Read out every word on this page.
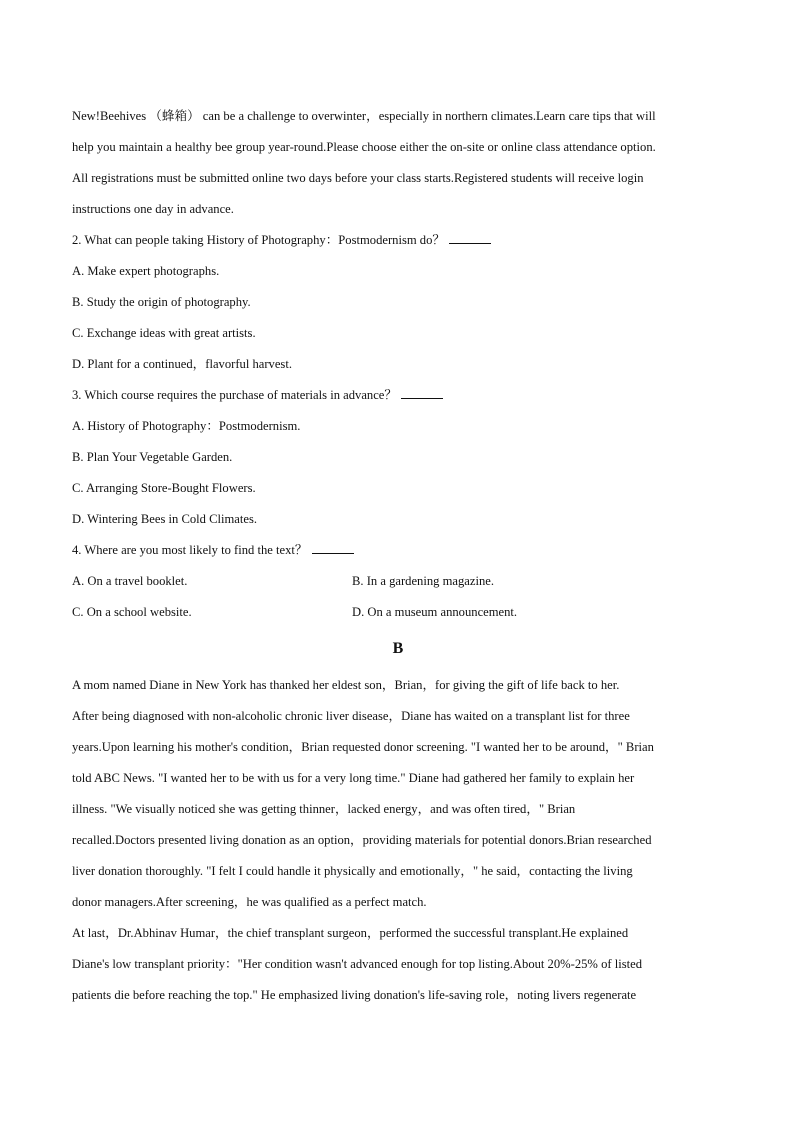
New!Beehives （蜂箱） can be a challenge to overwinter，especially in northern climates.Learn care tips that will
help you maintain a healthy bee group year-round.Please choose either the on-site or online class attendance option.
All registrations must be submitted online two days before your class starts.Registered students will receive login
instructions one day in advance.
2. What can people taking History of Photography：Postmodernism do？
A. Make expert photographs.
B. Study the origin of photography.
C. Exchange ideas with great artists.
D. Plant for a continued，flavorful harvest.
3. Which course requires the purchase of materials in advance？
A. History of Photography：Postmodernism.
B. Plan Your Vegetable Garden.
C. Arranging Store-Bought Flowers.
D. Wintering Bees in Cold Climates.
4. Where are you most likely to find the text？
A. On a travel booklet.	B. In a gardening magazine.
C. On a school website.	D. On a museum announcement.
B
A mom named Diane in New York has thanked her eldest son，Brian，for giving the gift of life back to her.
After being diagnosed with non-alcoholic chronic liver disease，Diane has waited on a transplant list for three
years.Upon learning his mother's condition，Brian requested donor screening. "I wanted her to be around，" Brian
told ABC News. "I wanted her to be with us for a very long time." Diane had gathered her family to explain her
illness. "We visually noticed she was getting thinner，lacked energy，and was often tired，" Brian
recalled.Doctors presented living donation as an option，providing materials for potential donors.Brian researched
liver donation thoroughly. "I felt I could handle it physically and emotionally，" he said，contacting the living
donor managers.After screening，he was qualified as a perfect match.
At last，Dr.Abhinav Humar，the chief transplant surgeon，performed the successful transplant.He explained
Diane's low transplant priority："Her condition wasn't advanced enough for top listing.About 20%-25% of listed
patients die before reaching the top." He emphasized living donation's life-saving role，noting livers regenerate
